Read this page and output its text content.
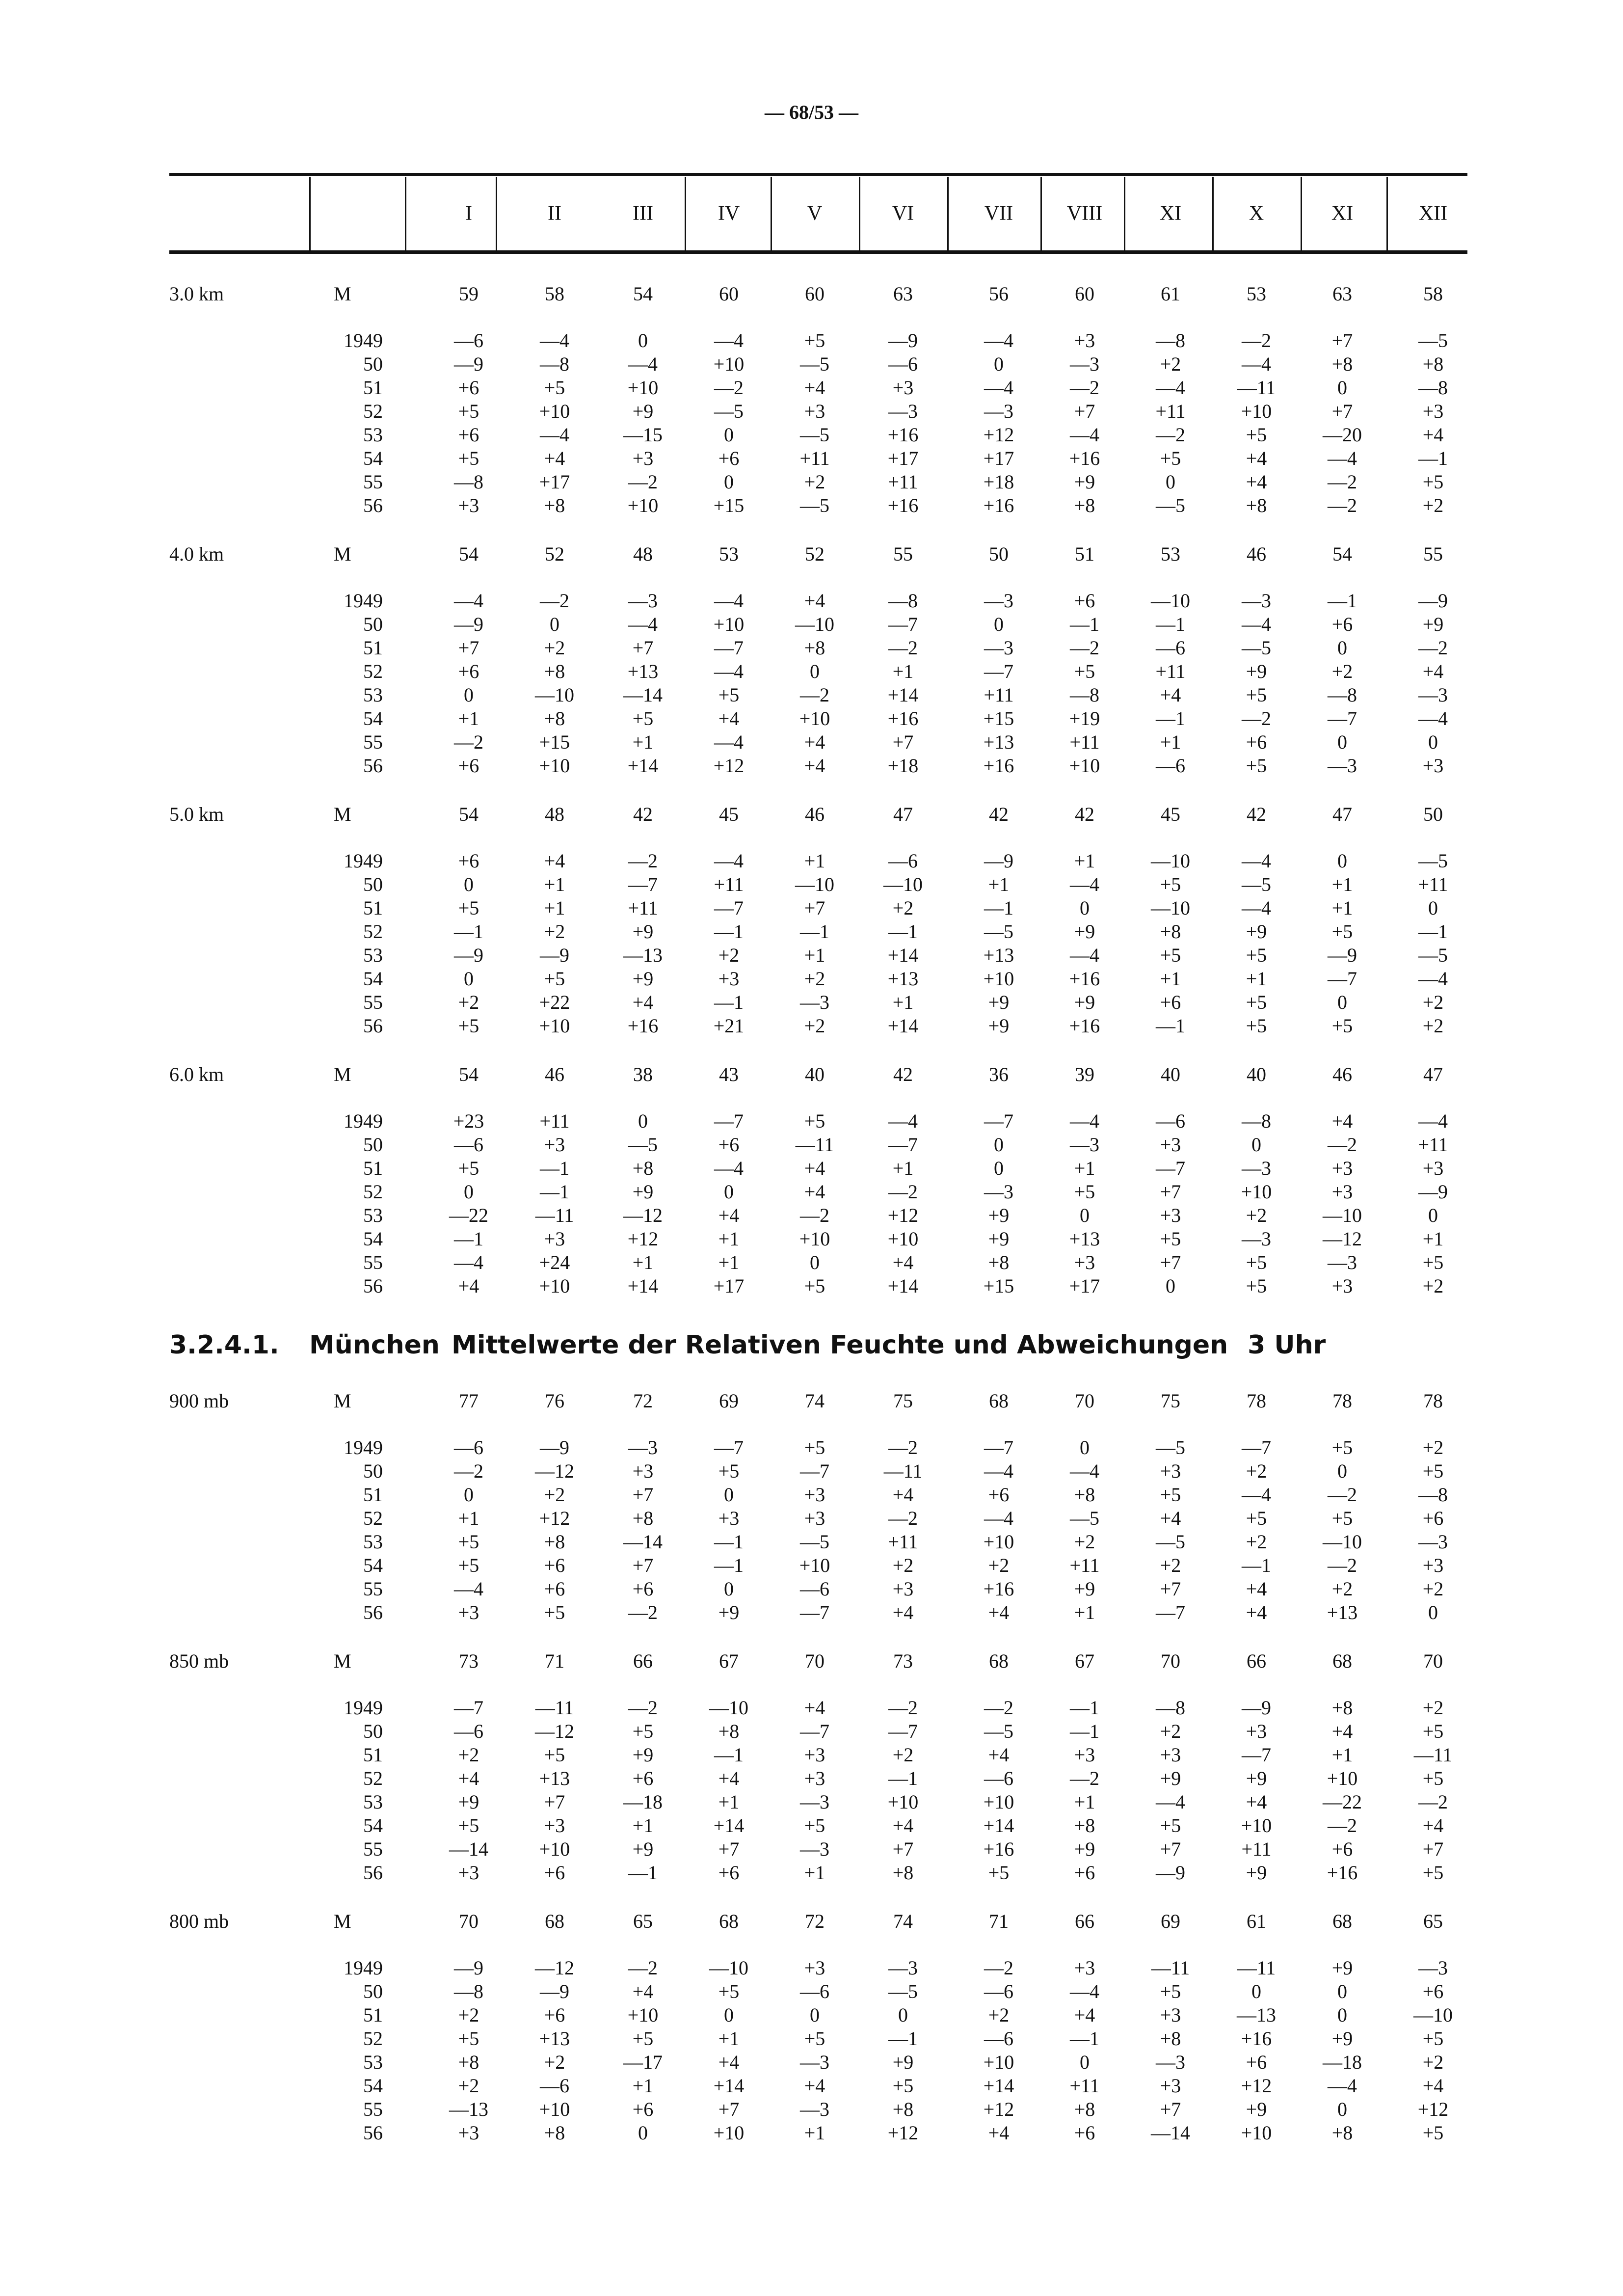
— 68/53 —
I	II	III	IV	V	VI	VII	VIII	XI	X	XI	XII
3.0 km	M	59	58	54	60	60	63	56	60	61	53	63	58
1949	—6	—4	0	—4	+5	—9	—4	+3	—8	—2	+7	—5
50	—9	—8	—4	+10	—5	—6	0	—3	+2	—4	+8	+8
51	+6	+5	+10	—2	+4	+3	—4	—2	—4	—11	0	—8
52	+5	+10	+9	—5	+3	—3	—3	+7	+11	+10	+7	+3
53	+6	—4	—15	0	—5	+16	+12	—4	—2	+5	—20	+4
54	+5	+4	+3	+6	+11	+17	+17	+16	+5	+4	—4	—1
55	—8	+17	—2	0	+2	+11	+18	+9	0	+4	—2	+5
56	+3	+8	+10	+15	—5	+16	+16	+8	—5	+8	—2	+2
4.0 km	M	54	52	48	53	52	55	50	51	53	46	54	55
1949	—4	—2	—3	—4	+4	—8	—3	+6	—10	—3	—1	—9
50	—9	0	—4	+10	—10	—7	0	—1	—1	—4	+6	+9
51	+7	+2	+7	—7	+8	—2	—3	—2	—6	—5	0	—2
52	+6	+8	+13	—4	0	+1	—7	+5	+11	+9	+2	+4
53	0	—10	—14	+5	—2	+14	+11	—8	+4	+5	—8	—3
54	+1	+8	+5	+4	+10	+16	+15	+19	—1	—2	—7	—4
55	—2	+15	+1	—4	+4	+7	+13	+11	+1	+6	0	0
56	+6	+10	+14	+12	+4	+18	+16	+10	—6	+5	—3	+3
5.0 km	M	54	48	42	45	46	47	42	42	45	42	47	50
1949	+6	+4	—2	—4	+1	—6	—9	+1	—10	—4	0	—5
50	0	+1	—7	+11	—10	—10	+1	—4	+5	—5	+1	+11
51	+5	+1	+11	—7	+7	+2	—1	0	—10	—4	+1	0
52	—1	+2	+9	—1	—1	—1	—5	+9	+8	+9	+5	—1
53	—9	—9	—13	+2	+1	+14	+13	—4	+5	+5	—9	—5
54	0	+5	+9	+3	+2	+13	+10	+16	+1	+1	—7	—4
55	+2	+22	+4	—1	—3	+1	+9	+9	+6	+5	0	+2
56	+5	+10	+16	+21	+2	+14	+9	+16	—1	+5	+5	+2
6.0 km	M	54	46	38	43	40	42	36	39	40	40	46	47
1949	+23	+11	0	—7	+5	—4	—7	—4	—6	—8	+4	—4
50	—6	+3	—5	+6	—11	—7	0	—3	+3	0	—2	+11
51	+5	—1	+8	—4	+4	+1	0	+1	—7	—3	+3	+3
52	0	—1	+9	0	+4	—2	—3	+5	+7	+10	+3	—9
53	—22	—11	—12	+4	—2	+12	+9	0	+3	+2	—10	0
54	—1	+3	+12	+1	+10	+10	+9	+13	+5	—3	—12	+1
55	—4	+24	+1	+1	0	+4	+8	+3	+7	+5	—3	+5
56	+4	+10	+14	+17	+5	+14	+15	+17	0	+5	+3	+2
3.2.4.1. München Mittelwerte der Relativen Feuchte und Abweichungen 3 Uhr
900 mb	M	77	76	72	69	74	75	68	70	75	78	78	78
1949	—6	—9	—3	—7	+5	—2	—7	0	—5	—7	+5	+2
50	—2	—12	+3	+5	—7	—11	—4	—4	+3	+2	0	+5
51	0	+2	+7	0	+3	+4	+6	+8	+5	—4	—2	—8
52	+1	+12	+8	+3	+3	—2	—4	—5	+4	+5	+5	+6
53	+5	+8	—14	—1	—5	+11	+10	+2	—5	+2	—10	—3
54	+5	+6	+7	—1	+10	+2	+2	+11	+2	—1	—2	+3
55	—4	+6	+6	0	—6	+3	+16	+9	+7	+4	+2	+2
56	+3	+5	—2	+9	—7	+4	+4	+1	—7	+4	+13	0
850 mb	M	73	71	66	67	70	73	68	67	70	66	68	70
1949	—7	—11	—2	—10	+4	—2	—2	—1	—8	—9	+8	+2
50	—6	—12	+5	+8	—7	—7	—5	—1	+2	+3	+4	+5
51	+2	+5	+9	—1	+3	+2	+4	+3	+3	—7	+1	—11
52	+4	+13	+6	+4	+3	—1	—6	—2	+9	+9	+10	+5
53	+9	+7	—18	+1	—3	+10	+10	+1	—4	+4	—22	—2
54	+5	+3	+1	+14	+5	+4	+14	+8	+5	+10	—2	+4
55	—14	+10	+9	+7	—3	+7	+16	+9	+7	+11	+6	+7
56	+3	+6	—1	+6	+1	+8	+5	+6	—9	+9	+16	+5
800 mb	M	70	68	65	68	72	74	71	66	69	61	68	65
1949	—9	—12	—2	—10	+3	—3	—2	+3	—11	—11	+9	—3
50	—8	—9	+4	+5	—6	—5	—6	—4	+5	0	0	+6
51	+2	+6	+10	0	0	0	+2	+4	+3	—13	0	—10
52	+5	+13	+5	+1	+5	—1	—6	—1	+8	+16	+9	+5
53	+8	+2	—17	+4	—3	+9	+10	0	—3	+6	—18	+2
54	+2	—6	+1	+14	+4	+5	+14	+11	+3	+12	—4	+4
55	—13	+10	+6	+7	—3	+8	+12	+8	+7	+9	0	+12
56	+3	+8	0	+10	+1	+12	+4	+6	—14	+10	+8	+5
